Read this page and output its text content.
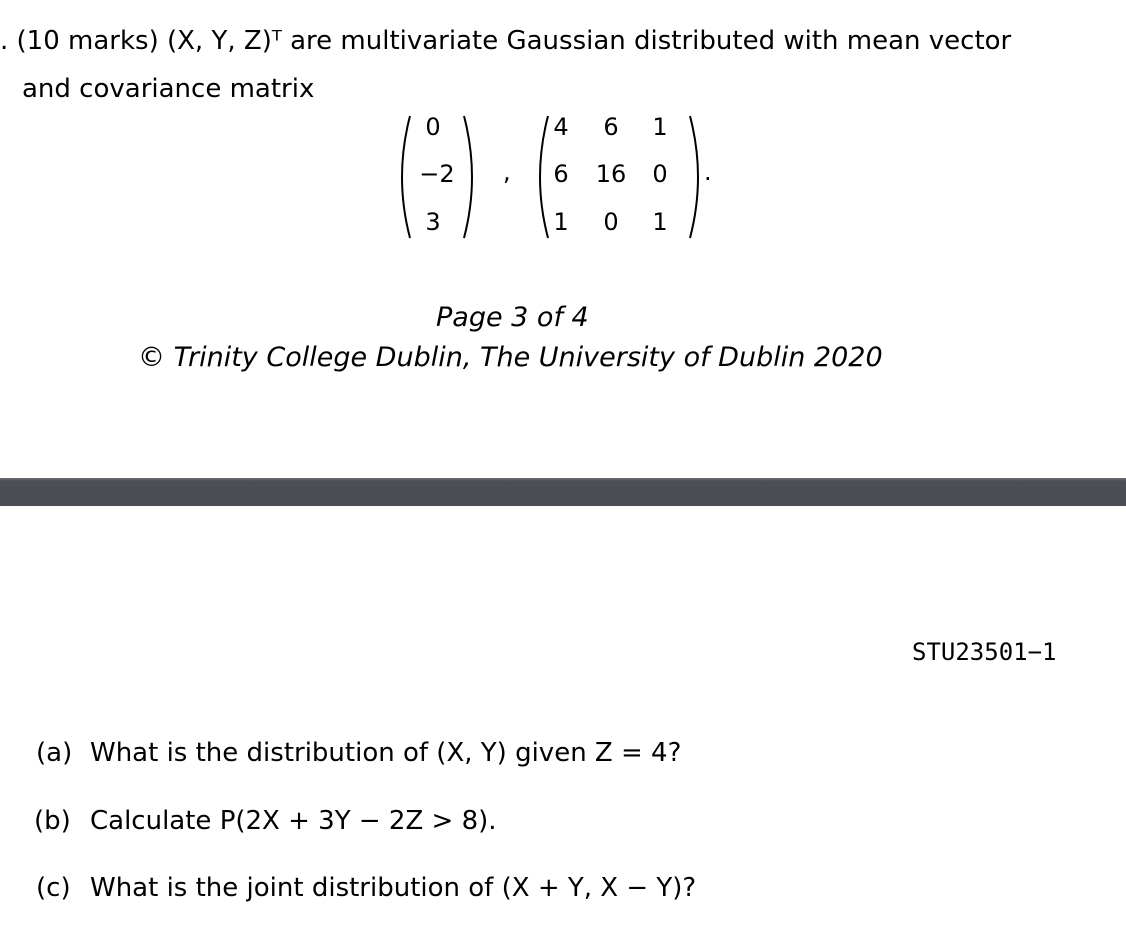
. (10 marks) (X, Y, Z)ᵀ are multivariate Gaussian distributed with mean vector
and covariance matrix
0
−2
3
,
4	6	1
6	16	0
1	0	1
.
Page 3 of 4
© Trinity College Dublin, The University of Dublin 2020
STU23501−1
(a) What is the distribution of (X, Y) given Z = 4?
(b) Calculate P(2X + 3Y − 2Z > 8).
(c) What is the joint distribution of (X + Y, X − Y)?
